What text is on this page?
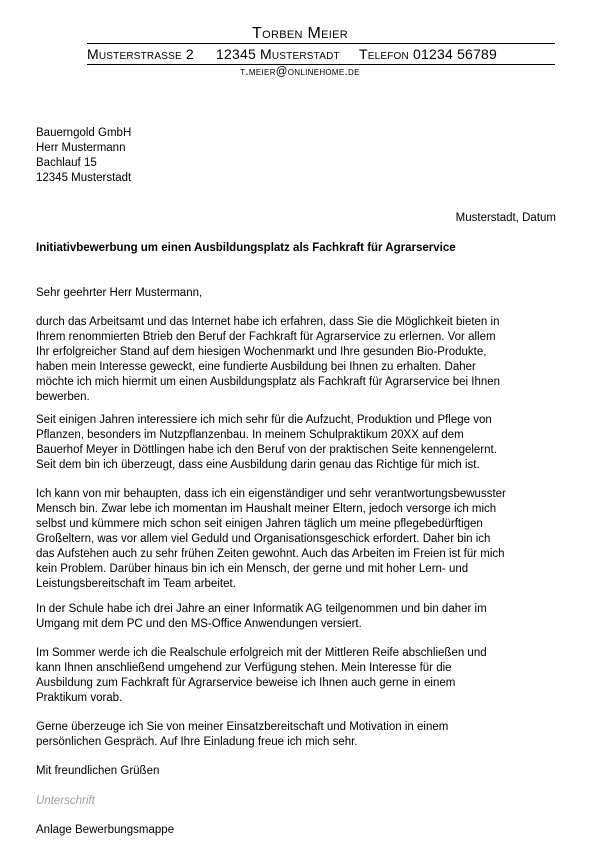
Torben Meier
Musterstrasse 2 12345 Musterstadt Telefon 01234 56789
t.meier@onlinehome.de
Bauerngold GmbH
Herr Mustermann
Bachlauf 15
12345 Musterstadt
Musterstadt, Datum
Initiativbewerbung um einen Ausbildungsplatz als Fachkraft für Agrarservice
Sehr geehrter Herr Mustermann,
durch das Arbeitsamt und das Internet habe ich erfahren, dass Sie die Möglichkeit bieten in
Ihrem renommierten Btrieb den Beruf der Fachkraft für Agrarservice zu erlernen. Vor allem
Ihr erfolgreicher Stand auf dem hiesigen Wochenmarkt und Ihre gesunden Bio-Produkte,
haben mein Interesse geweckt, eine fundierte Ausbildung bei Ihnen zu erhalten. Daher
möchte ich mich hiermit um einen Ausbildungsplatz als Fachkraft für Agrarservice bei Ihnen
bewerben.
Seit einigen Jahren interessiere ich mich sehr für die Aufzucht, Produktion und Pflege von
Pflanzen, besonders im Nutzpflanzenbau. In meinem Schulpraktikum 20XX auf dem
Bauerhof Meyer in Döttlingen habe ich den Beruf von der praktischen Seite kennengelernt.
Seit dem bin ich überzeugt, dass eine Ausbildung darin genau das Richtige für mich ist.
Ich kann von mir behaupten, dass ich ein eigenständiger und sehr verantwortungsbewusster
Mensch bin. Zwar lebe ich momentan im Haushalt meiner Eltern, jedoch versorge ich mich
selbst und kümmere mich schon seit einigen Jahren täglich um meine pflegebedürftigen
Großeltern, was vor allem viel Geduld und Organisationsgeschick erfordert. Daher bin ich
das Aufstehen auch zu sehr frühen Zeiten gewohnt. Auch das Arbeiten im Freien ist für mich
kein Problem. Darüber hinaus bin ich ein Mensch, der gerne und mit hoher Lern- und
Leistungsbereitschaft im Team arbeitet.
In der Schule habe ich drei Jahre an einer Informatik AG teilgenommen und bin daher im
Umgang mit dem PC und den MS-Office Anwendungen versiert.
Im Sommer werde ich die Realschule erfolgreich mit der Mittleren Reife abschließen und
kann Ihnen anschließend umgehend zur Verfügung stehen. Mein Interesse für die
Ausbildung zum Fachkraft für Agrarservice beweise ich Ihnen auch gerne in einem
Praktikum vorab.
Gerne überzeuge ich Sie von meiner Einsatzbereitschaft und Motivation in einem
persönlichen Gespräch. Auf Ihre Einladung freue ich mich sehr.
Mit freundlichen Grüßen
Unterschrift
Anlage Bewerbungsmappe
